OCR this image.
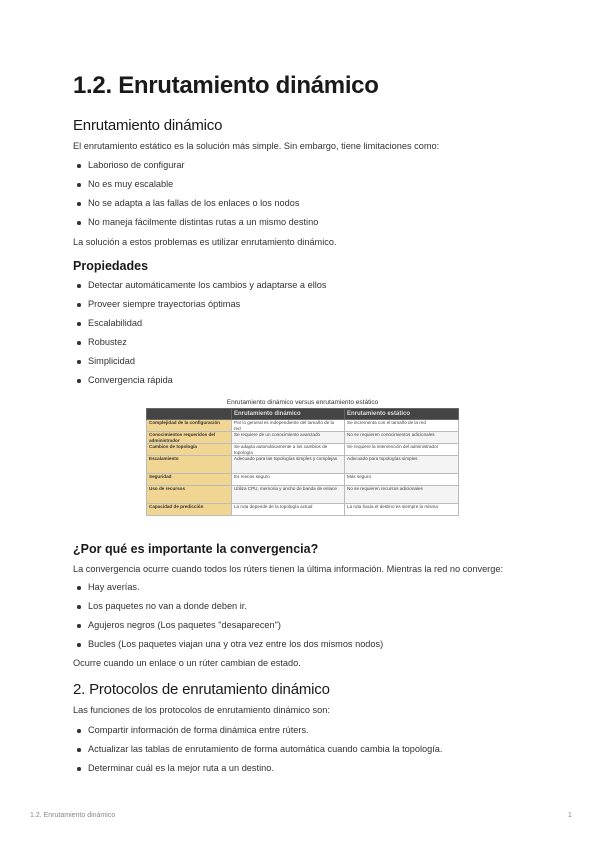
1.2. Enrutamiento dinámico
Enrutamiento dinámico

El enrutamiento estático es la solución más simple. Sin embargo, tiene limitaciones como:

Laborioso de configurar
No es muy escalable
No se adapta a las fallas de los enlaces o los nodos
No maneja fácilmente distintas rutas a un mismo destino

La solución a estos problemas es utilizar enrutamiento dinámico.

Propiedades
Detectar automáticamente los cambios y adaptarse a ellos
Proveer siempre trayectorias óptimas
Escalabilidad
Robustez
Simplicidad
Convergencia rápida
Enrutamiento dinámico versus enrutamiento estático
	Enrutamiento dinámico	Enrutamiento estático
Complejidad de la configuración	Por lo general es independiente del tamaño de la red	Se incrementa con el tamaño de la red
Conocimientos requeridos del administrador	Se requiere de un conocimiento avanzado	No se requieren conocimientos adicionales
Cambios de topología	Se adapta automáticamente a los cambios de topología	Se requiere la intervención del administrador
Escalamiento	Adecuado para las topologías simples y complejas	Adecuado para topologías simples
Seguridad	Es menos seguro	Más seguro
Uso de recursos	Utiliza CPU, memoria y ancho de banda de enlace	No se requieren recursos adicionales
Capacidad de predicción	La ruta depende de la topología actual	La ruta hacia el destino es siempre la misma
¿Por qué es importante la convergencia?

La convergencia ocurre cuando todos los rúters tienen la última información. Mientras la red no converge:

Hay averías.
Los paquetes no van a donde deben ir.
Agujeros negros (Los paquetes "desaparecen")
Bucles (Los paquetes viajan una y otra vez entre los dos mismos nodos)

Ocurre cuando un enlace o un rúter cambian de estado.

2. Protocolos de enrutamiento dinámico

Las funciones de los protocolos de enrutamiento dinámico son:

Compartir información de forma dinámica entre rúters.
Actualizar las tablas de enrutamiento de forma automática cuando cambia la topología.
Determinar cuál es la mejor ruta a un destino.
1.2. Enrutamiento dinámico	1
